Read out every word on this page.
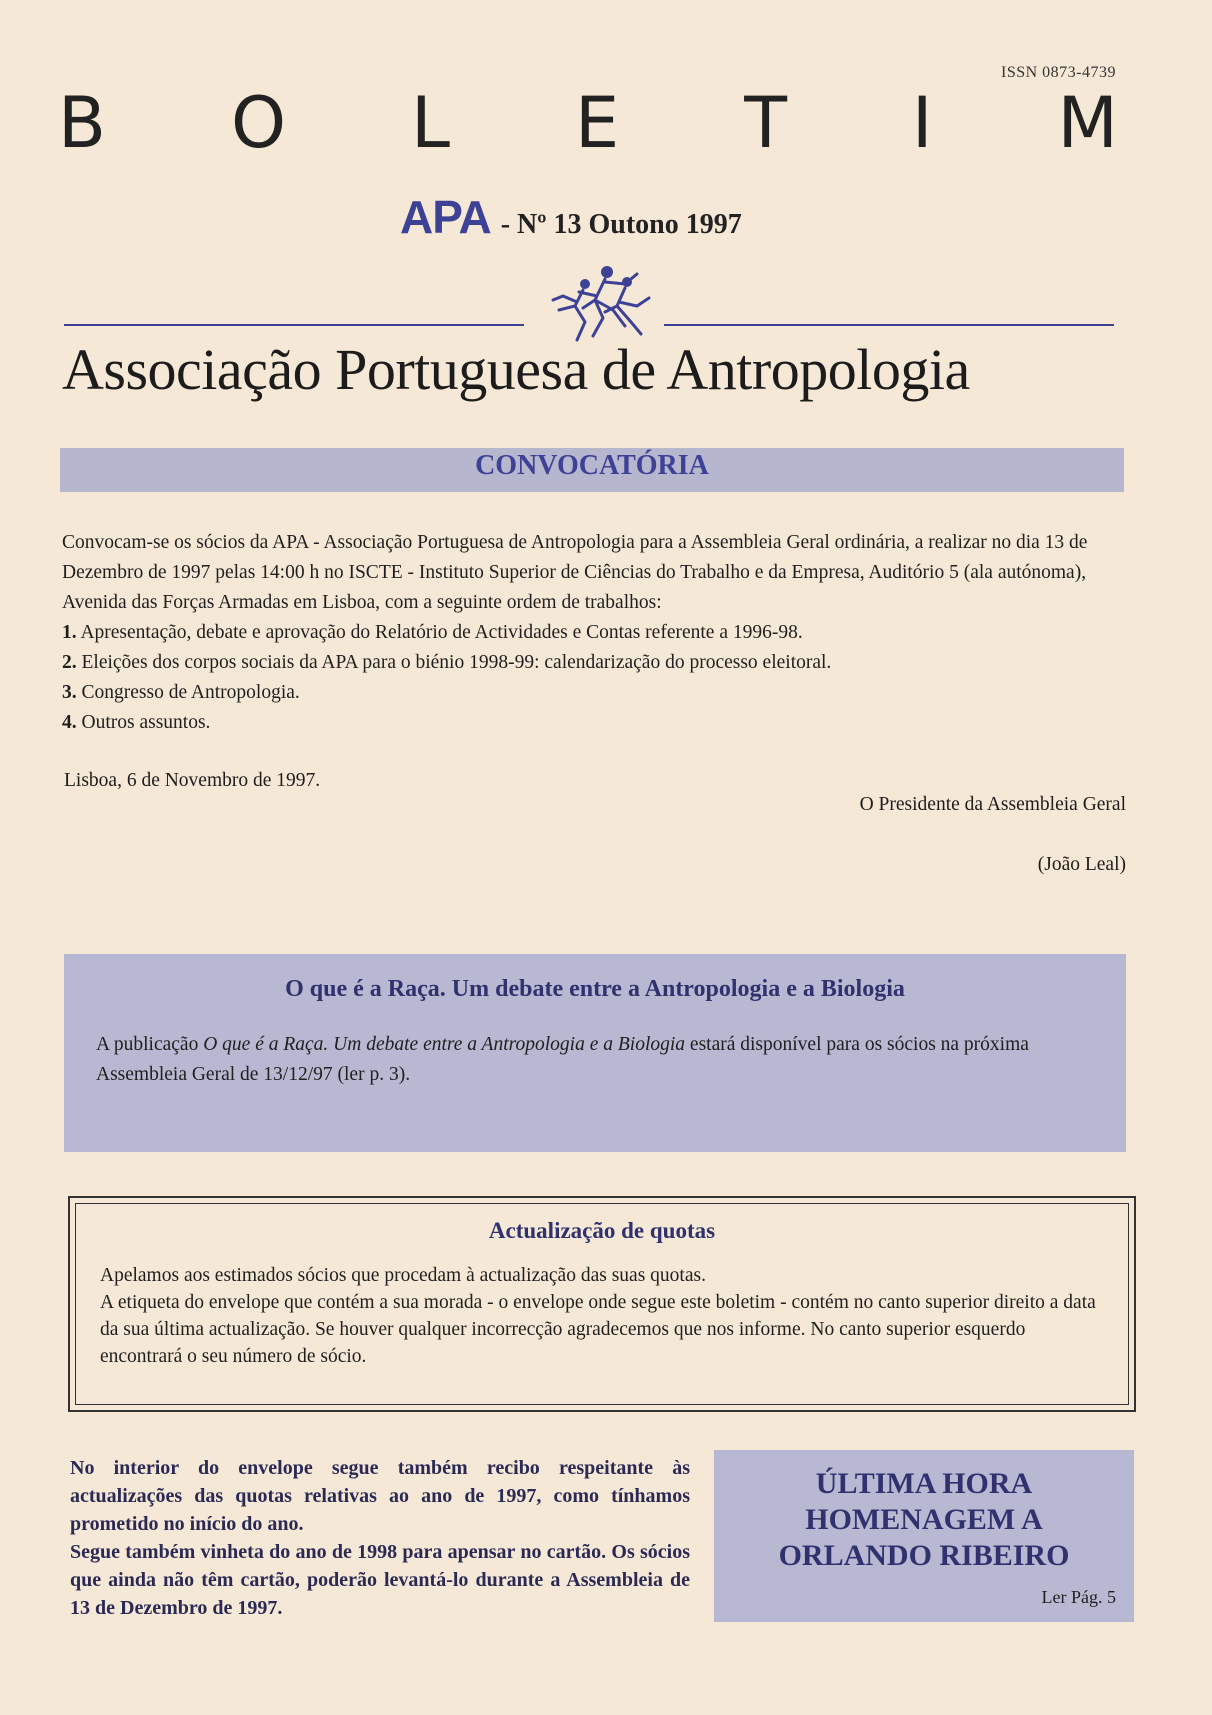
ISSN 0873-4739
B O L E T I M
APA - Nº 13 Outono 1997
Associação Portuguesa de Antropologia
CONVOCATÓRIA

Convocam-se os sócios da APA - Associação Portuguesa de Antropologia para a Assembleia Geral ordinária, a realizar no dia 13 de Dezembro de 1997 pelas 14:00 h no ISCTE - Instituto Superior de Ciências do Trabalho e da Empresa, Auditório 5 (ala autónoma), Avenida das Forças Armadas em Lisboa, com a seguinte ordem de trabalhos:

1. Apresentação, debate e aprovação do Relatório de Actividades e Contas referente a 1996-98.

2. Eleições dos corpos sociais da APA para o biénio 1998-99: calendarização do processo eleitoral.

3. Congresso de Antropologia.

4. Outros assuntos.

Lisboa, 6 de Novembro de 1997.
O Presidente da Assembleia Geral
(João Leal)
O que é a Raça. Um debate entre a Antropologia e a Biologia
A publicação O que é a Raça. Um debate entre a Antropologia e a Biologia estará disponível para os sócios na próxima Assembleia Geral de 13/12/97 (ler p. 3).
Actualização de quotas

Apelamos aos estimados sócios que procedam à actualização das suas quotas.

A etiqueta do envelope que contém a sua morada - o envelope onde segue este boletim - contém no canto superior direito a data da sua última actualização. Se houver qualquer incorrecção agradecemos que nos informe. No canto superior esquerdo encontrará o seu número de sócio.

No interior do envelope segue também recibo respeitante às actualizações das quotas relativas ao ano de 1997, como tínhamos prometido no início do ano.

Segue também vinheta do ano de 1998 para apensar no cartão. Os sócios que ainda não têm cartão, poderão levantá-lo durante a Assembleia de 13 de Dezembro de 1997.

ÚLTIMA HORA
HOMENAGEM A
ORLANDO RIBEIRO
Ler Pág. 5
